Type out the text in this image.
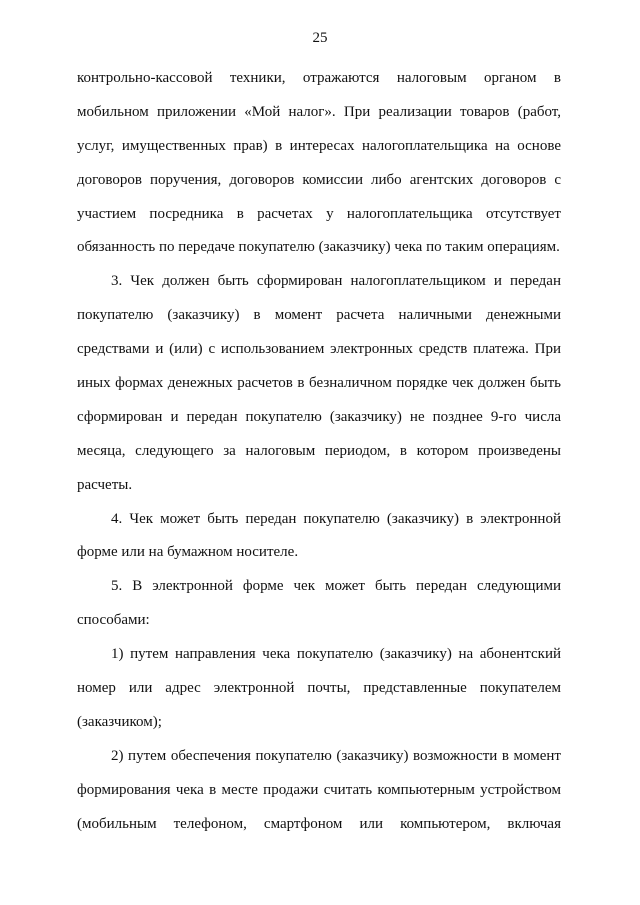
25
контрольно-кассовой техники, отражаются налоговым органом в
мобильном приложении «Мой налог». При реализации товаров (работ,
услуг, имущественных прав) в интересах налогоплательщика на основе
договоров поручения, договоров комиссии либо агентских договоров с
участием посредника в расчетах у налогоплательщика отсутствует
обязанность по передаче покупателю (заказчику) чека по таким операциям.
3. Чек должен быть сформирован налогоплательщиком и передан
покупателю (заказчику) в момент расчета наличными денежными
средствами и (или) с использованием электронных средств платежа. При
иных формах денежных расчетов в безналичном порядке чек должен быть
сформирован и передан покупателю (заказчику) не позднее 9-го числа
месяца, следующего за налоговым периодом, в котором произведены
расчеты.
4. Чек может быть передан покупателю (заказчику) в электронной
форме или на бумажном носителе.
5. В электронной форме чек может быть передан следующими
способами:
1) путем направления чека покупателю (заказчику) на абонентский
номер или адрес электронной почты, представленные покупателем
(заказчиком);
2) путем обеспечения покупателю (заказчику) возможности в момент
формирования чека в месте продажи считать компьютерным устройством
(мобильным телефоном, смартфоном или компьютером, включая
